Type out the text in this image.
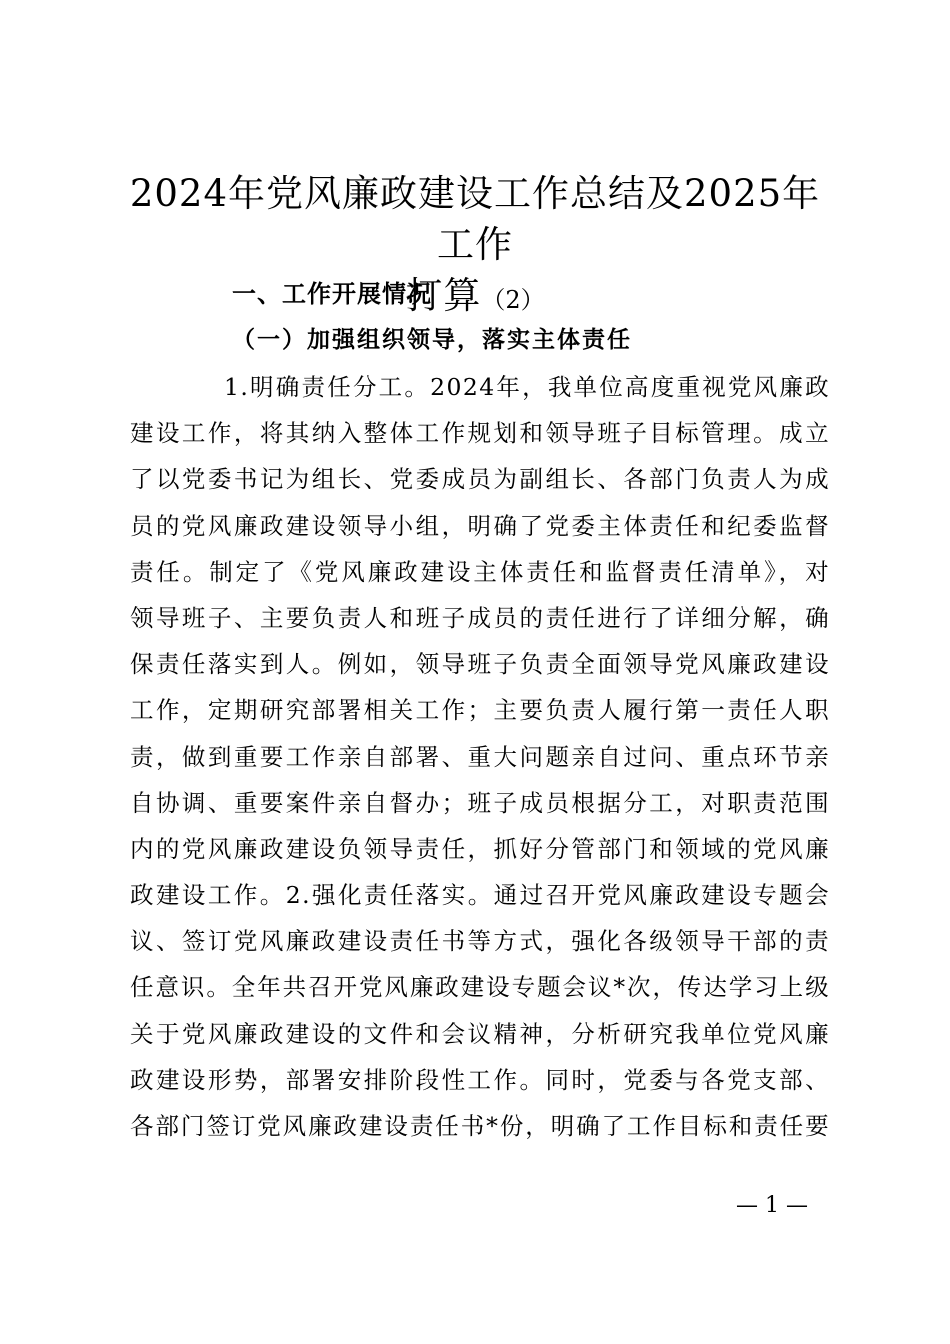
2024年党风廉政建设工作总结及2025年工作
打算（2）
一、工作开展情况
（一）加强组织领导，落实主体责任
1.明确责任分工。2024年，我单位高度重视党风廉政
建设工作，将其纳入整体工作规划和领导班子目标管理。成立
了以党委书记为组长、党委成员为副组长、各部门负责人为成
员的党风廉政建设领导小组，明确了党委主体责任和纪委监督
责任。制定了《党风廉政建设主体责任和监督责任清单》，对
领导班子、主要负责人和班子成员的责任进行了详细分解，确
保责任落实到人。例如，领导班子负责全面领导党风廉政建设
工作，定期研究部署相关工作；主要负责人履行第一责任人职
责，做到重要工作亲自部署、重大问题亲自过问、重点环节亲
自协调、重要案件亲自督办；班子成员根据分工，对职责范围
内的党风廉政建设负领导责任，抓好分管部门和领域的党风廉
政建设工作。2.强化责任落实。通过召开党风廉政建设专题会
议、签订党风廉政建设责任书等方式，强化各级领导干部的责
任意识。全年共召开党风廉政建设专题会议*次，传达学习上级
关于党风廉政建设的文件和会议精神，分析研究我单位党风廉
政建设形势，部署安排阶段性工作。同时，党委与各党支部、
各部门签订党风廉政建设责任书*份，明确了工作目标和责任要
— 1 —
